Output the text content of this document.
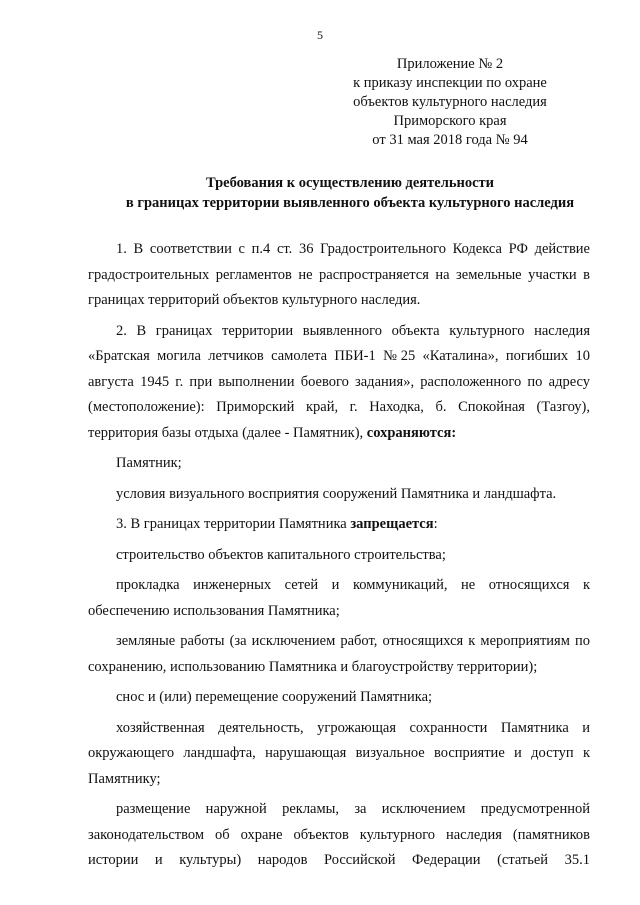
5
Приложение № 2
к приказу инспекции по охране
объектов культурного наследия
Приморского края
от 31 мая 2018 года № 94
Требования к осуществлению деятельности
в границах территории выявленного объекта культурного наследия

1. В соответствии с п.4 ст. 36 Градостроительного Кодекса РФ действие градостроительных регламентов не распространяется на земельные участки в границах территорий объектов культурного наследия.

2. В границах территории выявленного объекта культурного наследия «Братская могила летчиков самолета ПБИ-1 №25 «Каталина», погибших 10 августа 1945 г. при выполнении боевого задания», расположенного по адресу (местоположение): Приморский край, г. Находка, б. Спокойная (Тазгоу), территория базы отдыха (далее - Памятник), сохраняются:

Памятник;

условия визуального восприятия сооружений Памятника и ландшафта.

3. В границах территории Памятника запрещается:

строительство объектов капитального строительства;

прокладка инженерных сетей и коммуникаций, не относящихся к обеспечению использования Памятника;

земляные работы (за исключением работ, относящихся к мероприятиям по сохранению, использованию Памятника и благоустройству территории);

снос и (или) перемещение сооружений Памятника;

хозяйственная деятельность, угрожающая сохранности Памятника и окружающего ландшафта, нарушающая визуальное восприятие и доступ к Памятнику;

размещение наружной рекламы, за исключением предусмотренной законодательством об охране объектов культурного наследия (памятников истории и культуры) народов Российской Федерации (статьей 35.1
